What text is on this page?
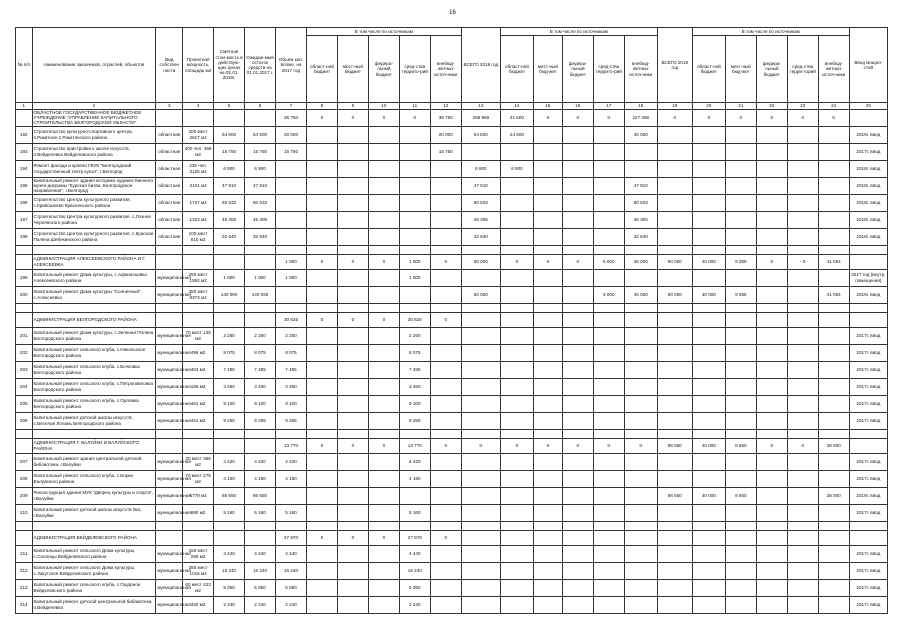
16
№ п/п	Наименование заказчиков, отраслей, объектов	Вид собствен ности	Проектная мощность, площадь м2	Сметная стои-мость в действую-щих ценах на 01.01. 2016г.	Ожидае-мый остаток средств на 01.01.2017 г.	Объем кап. вложе. на 2017 год	В том числе по источникам					ВСЕГО 2018 год	В том числе по источникам					ВСЕГО 2019 год	В том числе по источникам					Ввод мощно-стей
							област-ной бюджет	мест-ный бюджет	федера-льный бюджет	сред-ства террито-рий	внебюд-жетных источ-ники		област-ной бюджет	мест-ный бюд-жет	федера-льный бюджет	сред-ства террито-рий	внебюд-жетных источ-ники		област-ной бюджет	мест-ный бюд-жет	федера-льный бюджет	сред-ства терри-торий	внебюд-жетных источ-ники	
1	2	3	4	5	6	7	8	9	10	11	12	13	14	15	16	17	18	19	20	21	22	23	24	25
	ОБЛАСТНОЕ ГОСУДАРСТВЕННОЕ БЮДЖЕТНОЕ УЧРЕЖДЕНИЕ "УПРАВЛЕНИЕ КАПИТАЛЬНОГО СТРОИТЕЛЬСТВА БЕЛГОРОДСКОЙ ОБЛАСТИ"					36 750	0	0	0	0	36 750	258 968	31 500	0	0	0	227 468	0	0	0	0	0	0	
192	Строительство культурно-спортивного центра, п.Ракитное-1 Ракитянского района	областная	200 мест 2617 м2	64 600	64 600	20 000					20 000	64 600	24 600				40 000							2019г. ввод
193	Строительство пристройки к школе искусств, п.Вейделевка Вейделевского района	областная	400 чел. 458 м2	15 750	15 750	15 750					15 750													2017г. ввод
194	Ремонт фасада и кровли ГБУК "Белгородский государственный театр кукол", г.Белгород	областная	236 чел. 3125 м2	6 900	6 900							6 900	6 900											2018г. ввод
195	Капитальный ремонт здания историко-художественного музея-диорамы "Курская битва. Белгородское направление", г.Белгород	областная	3104 м2	47 910	47 910							47 910					47 910							2018г. ввод
196	Строительство Центра культурного развития, с.Кривошеево Красненского района	областная	1747 м2	60 633	60 633							60 633					60 633							2018г. ввод
197	Строительство Центра культурного развития, с.Лозное Чернянского района	областная	1323 м2	46 305	46 305							46 305					46 305							2018г. ввод
198	Строительство Центра культурного развития, с.Красная Поляна Шебекинского района	областная	100 мест 810 м2	32 640	32 640							32 640					32 640							2018г. ввод

	АДМИНИСТРАЦИЯ АЛЕКСЕЕВСКОГО РАЙОНА И Г. АЛЕКСЕЕВКА					1 000	0	0	0	1 000	0	50 000	0	0	0	5 000	45 000	90 000	40 000	9 056	0	- 0	41 064	
199	Капитальный ремонт Дома культуры, с.Афанасьевка Алексеевского района	муниципальная	250 мест 1592 м2	1 000	1 000	1 000				1 000														2017 год (внутр. помещения)
200	Капитальный ремонт Дома культуры "Солнечный", с.Алексеевка	муниципальная	350 мест 9373 м2	140 060	140 060							50 000				5 000	45 000	90 000	40 000	9 056			41 064	2019г. ввод

	АДМИНИСТРАЦИЯ БЕЛГОРОДСКОГО РАЙОНА					30 625	0	0	0	30 625	0													
201	Капитальный ремонт Дома культуры, с.Зеленая Поляна Белгородского района	муниципальная	70 мест 135 м2	2 250	2 250	2 250				2 250														2017г. ввод
202	Капитальный ремонт сельского клуба, с.Никольское Белгородского района	муниципальная	496 м2	8 075	8 075	8 075				8 075														2017г. ввод
203	Капитальный ремонт сельского клуба, с.Бочковка Белгородского района	муниципальная	404 м2	7 485	7 485	7 485				7 485														2017г. ввод
204	Капитальный ремонт сельского клуба, с.Петропавловка Белгородского района	муниципальная	155 м2	3 460	3 460	3 460				3 460														2017г. ввод
205	Капитальный ремонт сельского клуба, с.Орловка Белгородского района	муниципальная	461 м2	9 100	9 100	9 100				9 100														2017г. ввод
206	Капитальный ремонт детской школы искусств, с.Веселая Лопань Белгородского района	муниципальная	451 м2	9 255	9 255	9 255				9 255														2017г. ввод

	АДМИНИСТРАЦИЯ Г. ВАЛУЙКИ И ВАЛУЙСКОГО РАЙОНА					13 770	0	0	0	13 770	0	0	0	0	0	0	0	86 650	40 000	8 650	0	0	38 000	
207	Капитальный ремонт здания центральной детской библиотеки, г.Валуйки	муниципальная	30 мест 365 м2	4 420	4 420	4 420				4 420														2017г. ввод
208	Капитальный ремонт сельского клуба, с.Борки Валуйского района	муниципальная	70 мест 279 м2	4 190	4 190	4 190				4 190														2017г. ввод
209	Реконструкция здания МУК "Дворец культуры и спорта", г.Валуйки	муниципальная	5779 м2	86 650	86 650													86 650	40 000	8 650			38 000	2019г. ввод
210	Капитальный ремонт детской школы искусств №1, г.Валуйки	муниципальная	690 м2	5 160	5 160	5 160				5 160														2017г. ввод

	АДМИНИСТРАЦИЯ ВЕЙДЕЛЕВСКОГО РАЙОНА					27 970	0	0	0	27 970	0													
211	Капитальный ремонт сельского Дома культуры, с.Солонцы Вейделевского района	муниципальная	150 мест 289 м2	4 440	4 440	4 440				4 440														2017г. ввод
212	Капитальный ремонт сельского Дома культуры, с.Закутское Вейделевского района	муниципальная	250 мест 1016 м2	16 240	16 240	16 240				16 240														2017г. ввод
213	Капитальный ремонт сельского клуба, с.Ощорное Вейделевского района	муниципальная	60 мест 423 м2	5 050	5 050	5 050				5 050														2017г. ввод
214	Капитальный ремонт детской центральной библиотеки, п.Вейделевка	муниципальная	320 м2	2 240	2 240	2 240				2 240														2017г. ввод
